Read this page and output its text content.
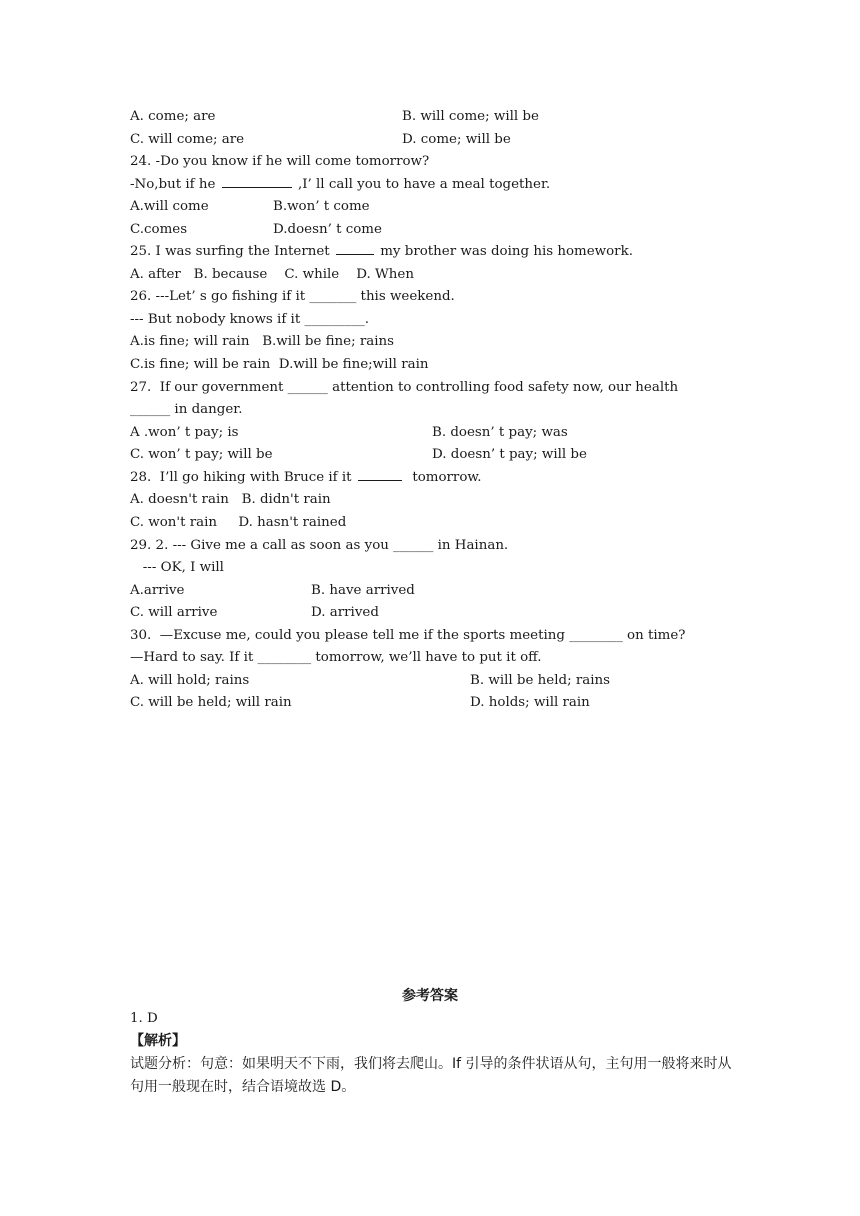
A. come; are	B. will come; will be
C. will come; are	D. come; will be
24. -Do you know if he will come tomorrow?
-No,but if he	,I’ ll call you to have a meal together.
A.will come	B.won’ t come
C.comes	D.doesn’ t come
25. I was surfing the Internet	my brother was doing his homework.
A. after   B. because    C. while    D. When
26. ---Let’ s go fishing if it _______ this weekend.
--- But nobody knows if it _________.
A.is fine; will rain   B.will be fine; rains
C.is fine; will be rain  D.will be fine;will rain
27.  If our government ______ attention to controlling food safety now, our health
______ in danger.
A .won’ t pay; is	B. doesn’ t pay; was
C. won’ t pay; will be	D. doesn’ t pay; will be
28.  I’ll go hiking with Bruce if it	tomorrow.
A. doesn't rain   B. didn't rain
C. won't rain     D. hasn't rained
29. 2. --- Give me a call as soon as you ______ in Hainan.
--- OK, I will
A.arrive	B. have arrived
C. will arrive	D. arrived
30.  —Excuse me, could you please tell me if the sports meeting ________ on time?
—Hard to say. If it ________ tomorrow, we’ll have to put it off.
A. will hold; rains	B. will be held; rains
C. will be held; will rain	D. holds; will rain
参考答案
1. D
【解析】
试题分析：句意：如果明天不下雨，我们将去爬山。If 引导的条件状语从句，主句用一般将来时从句用一般现在时，结合语境故选 D。
